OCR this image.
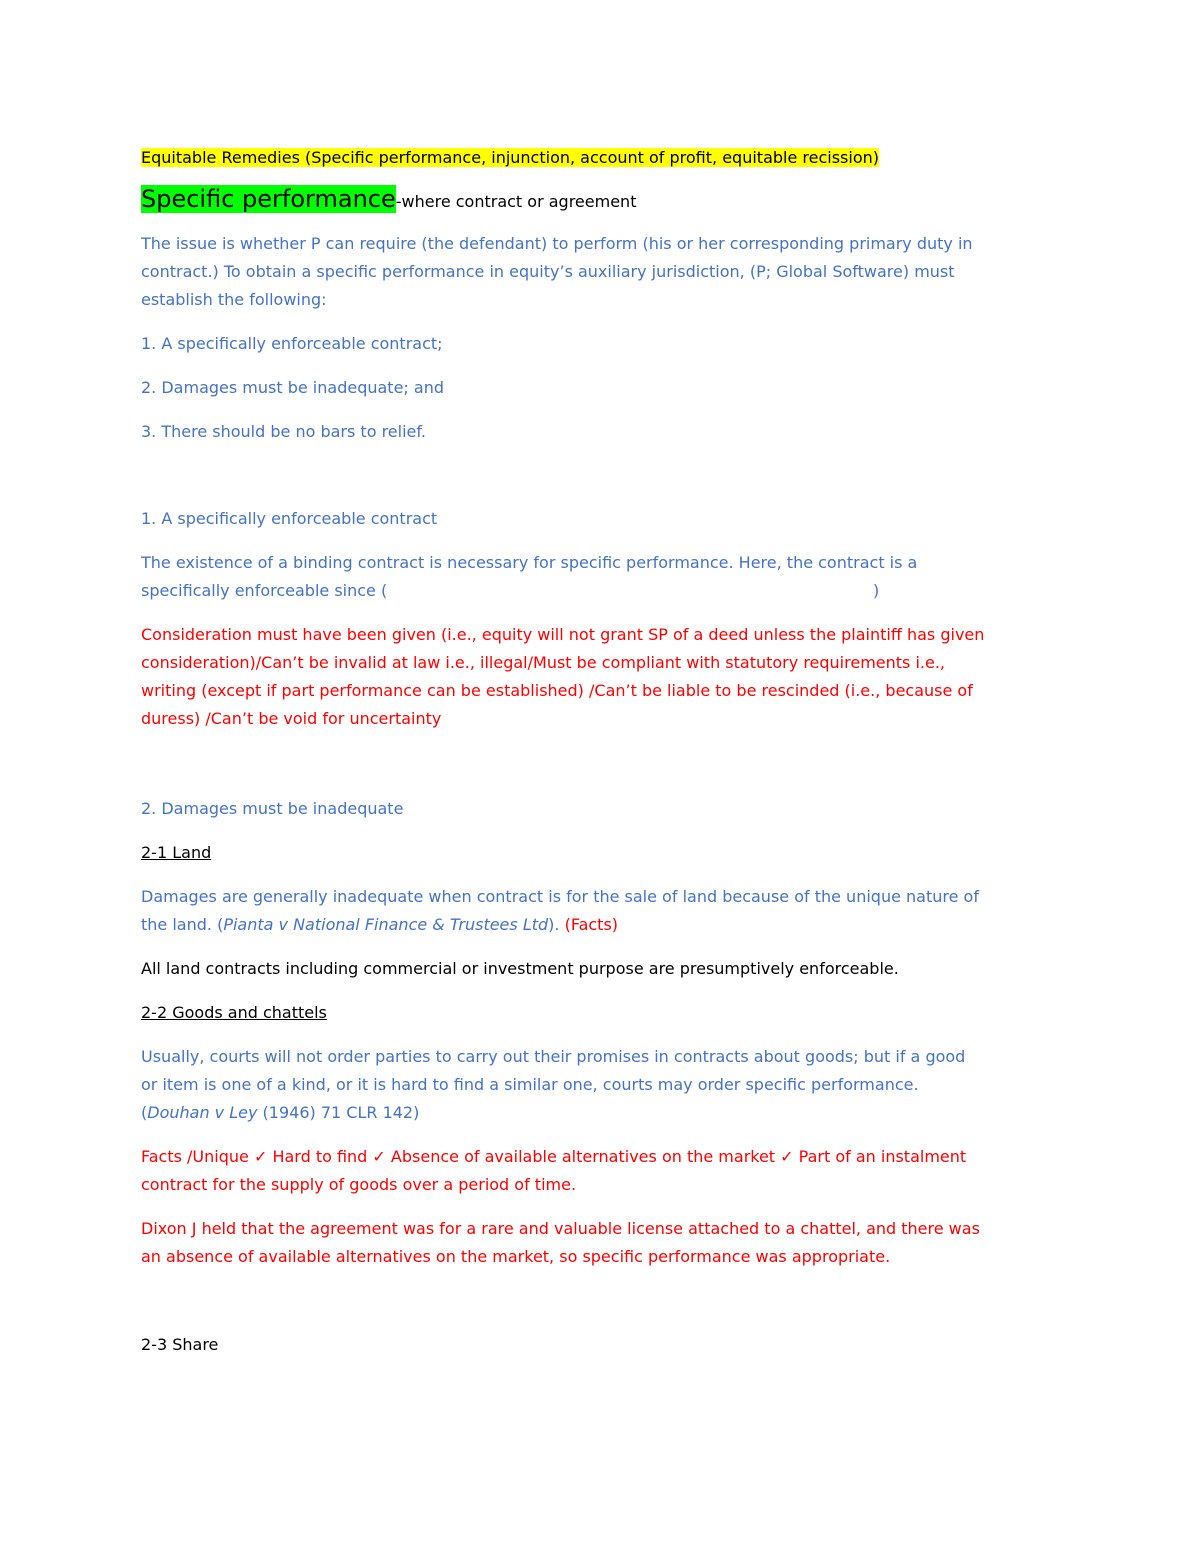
Equitable Remedies (Specific performance, injunction, account of profit, equitable recission)

Specific performance-where contract or agreement

The issue is whether P can require (the defendant) to perform (his or her corresponding primary duty in
contract.) To obtain a specific performance in equity’s auxiliary jurisdiction, (P; Global Software) must
establish the following:
1. A specifically enforceable contract;
2. Damages must be inadequate; and
3. There should be no bars to relief.
1. A specifically enforceable contract
The existence of a binding contract is necessary for specific performance. Here, the contract is a
specifically enforceable since (	)
Consideration must have been given (i.e., equity will not grant SP of a deed unless the plaintiff has given
consideration)/Can’t be invalid at law i.e., illegal/Must be compliant with statutory requirements i.e.,
writing (except if part performance can be established) /Can’t be liable to be rescinded (i.e., because of
duress) /Can’t be void for uncertainty
2. Damages must be inadequate
2-1 Land
Damages are generally inadequate when contract is for the sale of land because of the unique nature of
the land. (Pianta v National Finance & Trustees Ltd). (Facts)
All land contracts including commercial or investment purpose are presumptively enforceable.
2-2 Goods and chattels
Usually, courts will not order parties to carry out their promises in contracts about goods; but if a good
or item is one of a kind, or it is hard to find a similar one, courts may order specific performance.
(Douhan v Ley (1946) 71 CLR 142)
Facts /Unique ✓ Hard to find ✓ Absence of available alternatives on the market ✓ Part of an instalment
contract for the supply of goods over a period of time.
Dixon J held that the agreement was for a rare and valuable license attached to a chattel, and there was
an absence of available alternatives on the market, so specific performance was appropriate.
2-3 Share
